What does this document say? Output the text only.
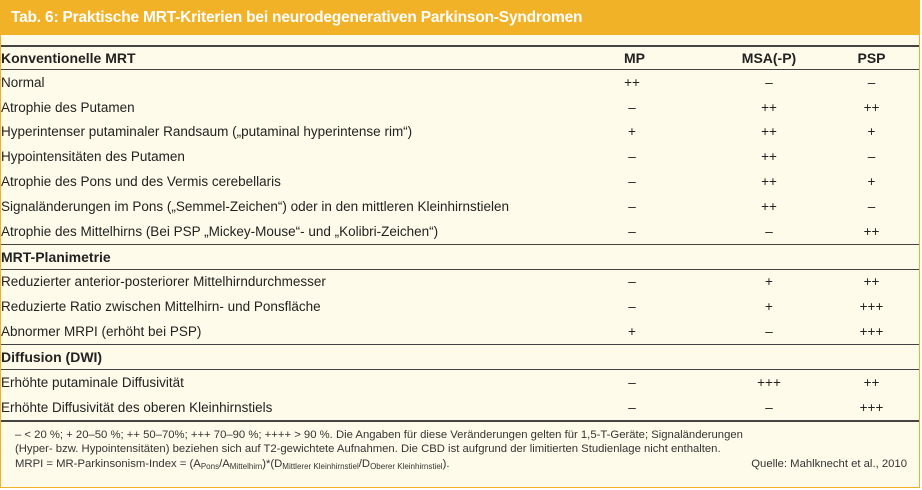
Tab. 6: Praktische MRT-Kriterien bei neurodegenerativen Parkinson-Syndromen
Konventionelle MRT	MP	MSA(-P)	PSP
Normal	++	–	–
Atrophie des Putamen	–	++	++
Hyperintenser putaminaler Randsaum („putaminal hyperintense rim“)	+	++	+
Hypointensitäten des Putamen	–	++	–
Atrophie des Pons und des Vermis cerebellaris	–	++	+
Signaländerungen im Pons („Semmel-Zeichen“) oder in den mittleren Kleinhirnstielen	–	++	–
Atrophie des Mittelhirns (Bei PSP „Mickey-Mouse“- und „Kolibri-Zeichen“)	–	–	++
MRT-Planimetrie			
Reduzierter anterior-posteriorer Mittelhirndurchmesser	–	+	++
Reduzierte Ratio zwischen Mittelhirn- und Ponsfläche	–	+	+++
Abnormer MRPI (erhöht bei PSP)	+	–	+++
Diffusion (DWI)			
Erhöhte putaminale Diffusivität	–	+++	++
Erhöhte Diffusivität des oberen Kleinhirnstiels	–	–	+++
– < 20 %; + 20–50 %; ++ 50–70%; +++ 70–90 %; ++++ > 90 %. Die Angaben für diese Veränderungen gelten für 1,5-T-Geräte; Signaländerungen
(Hyper- bzw. Hypointensitäten) beziehen sich auf T2-gewichtete Aufnahmen. Die CBD ist aufgrund der limitierten Studienlage nicht enthalten.
MRPI = MR-Parkinsonism-Index = $(A_{Pons}/A_{Mittelhirn})*(D_{Mittlerer Kleinhirnstiel}/D_{Oberer Kleinhirnstiel})$.	Quelle: Mahlknecht et al., 2010
